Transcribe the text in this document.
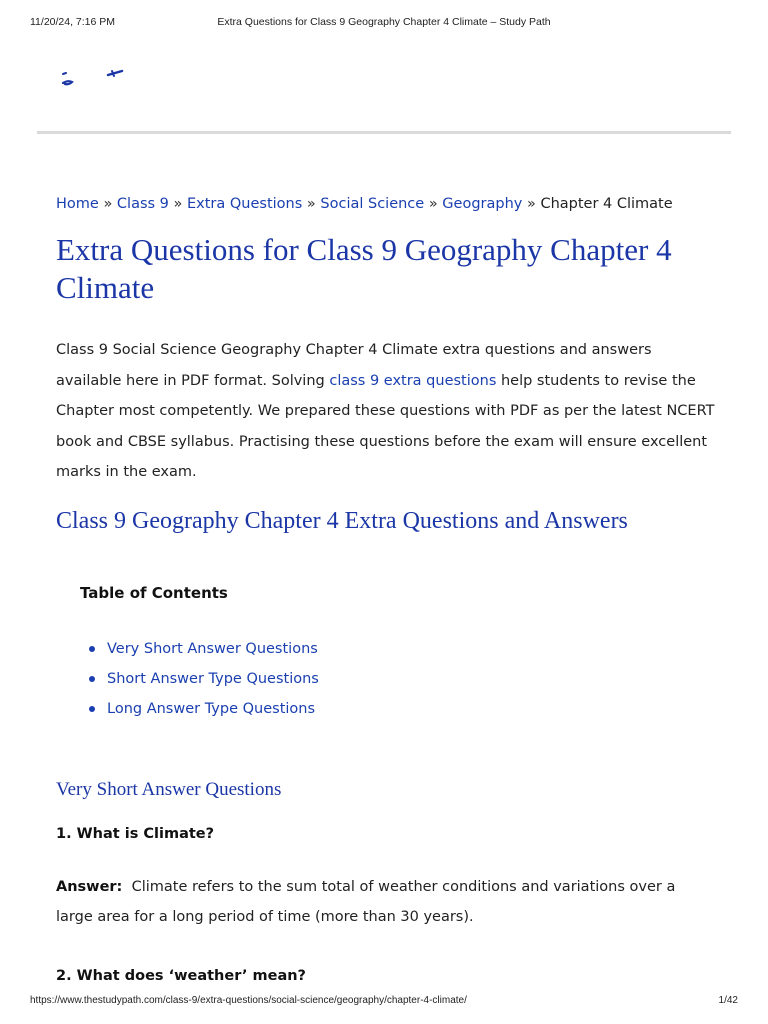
11/20/24, 7:16 PM	Extra Questions for Class 9 Geography Chapter 4 Climate – Study Path
Home » Class 9 » Extra Questions » Social Science » Geography » Chapter 4 Climate
Extra Questions for Class 9 Geography Chapter 4 Climate

Class 9 Social Science Geography Chapter 4 Climate extra questions and answers available here in PDF format. Solving class 9 extra questions help students to revise the Chapter most competently. We prepared these questions with PDF as per the latest NCERT book and CBSE syllabus. Practising these questions before the exam will ensure excellent marks in the exam.

Class 9 Geography Chapter 4 Extra Questions and Answers
Table of Contents
Very Short Answer Questions
Short Answer Type Questions
Long Answer Type Questions
Very Short Answer Questions
1. What is Climate?

Answer: Climate refers to the sum total of weather conditions and variations over a large area for a long period of time (more than 30 years).

2. What does ‘weather’ mean?
https://www.thestudypath.com/class-9/extra-questions/social-science/geography/chapter-4-climate/	1/42
